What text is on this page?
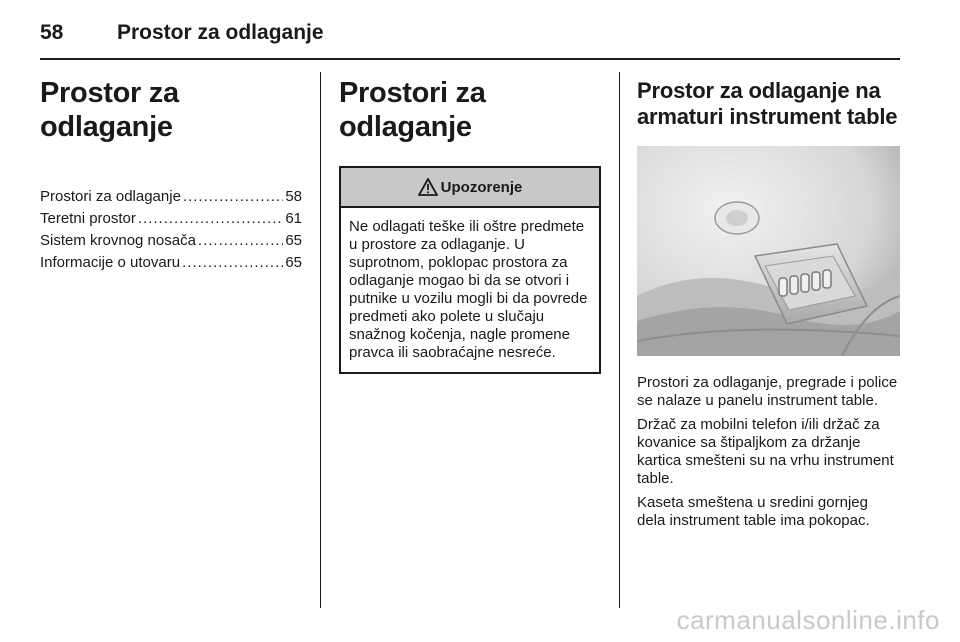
58	Prostor za odlaganje
Prostor za odlaganje
Prostori za odlaganje .....	58
Teretni prostor .....	61
Sistem krovnog nosača .....	65
Informacije o utovaru .....	65
Prostori za odlaganje
Upozorenje
Ne odlagati teške ili oštre predmete u prostore za odlaganje. U suprotnom, poklopac prostora za odlaganje mogao bi da se otvori i putnike u vozilu mogli bi da povrede predmeti ako polete u slučaju snažnog kočenja, nagle promene pravca ili saobraćajne nesreće.
Prostor za odlaganje na armaturi instrument table

Prostori za odlaganje, pregrade i police se nalaze u panelu instrument table.

Držač za mobilni telefon i/ili držač za kovanice sa štipaljkom za držanje kartica smešteni su na vrhu instrument table.

Kaseta smeštena u sredini gornjeg dela instrument table ima pokopac.

carmanualsonline.info
